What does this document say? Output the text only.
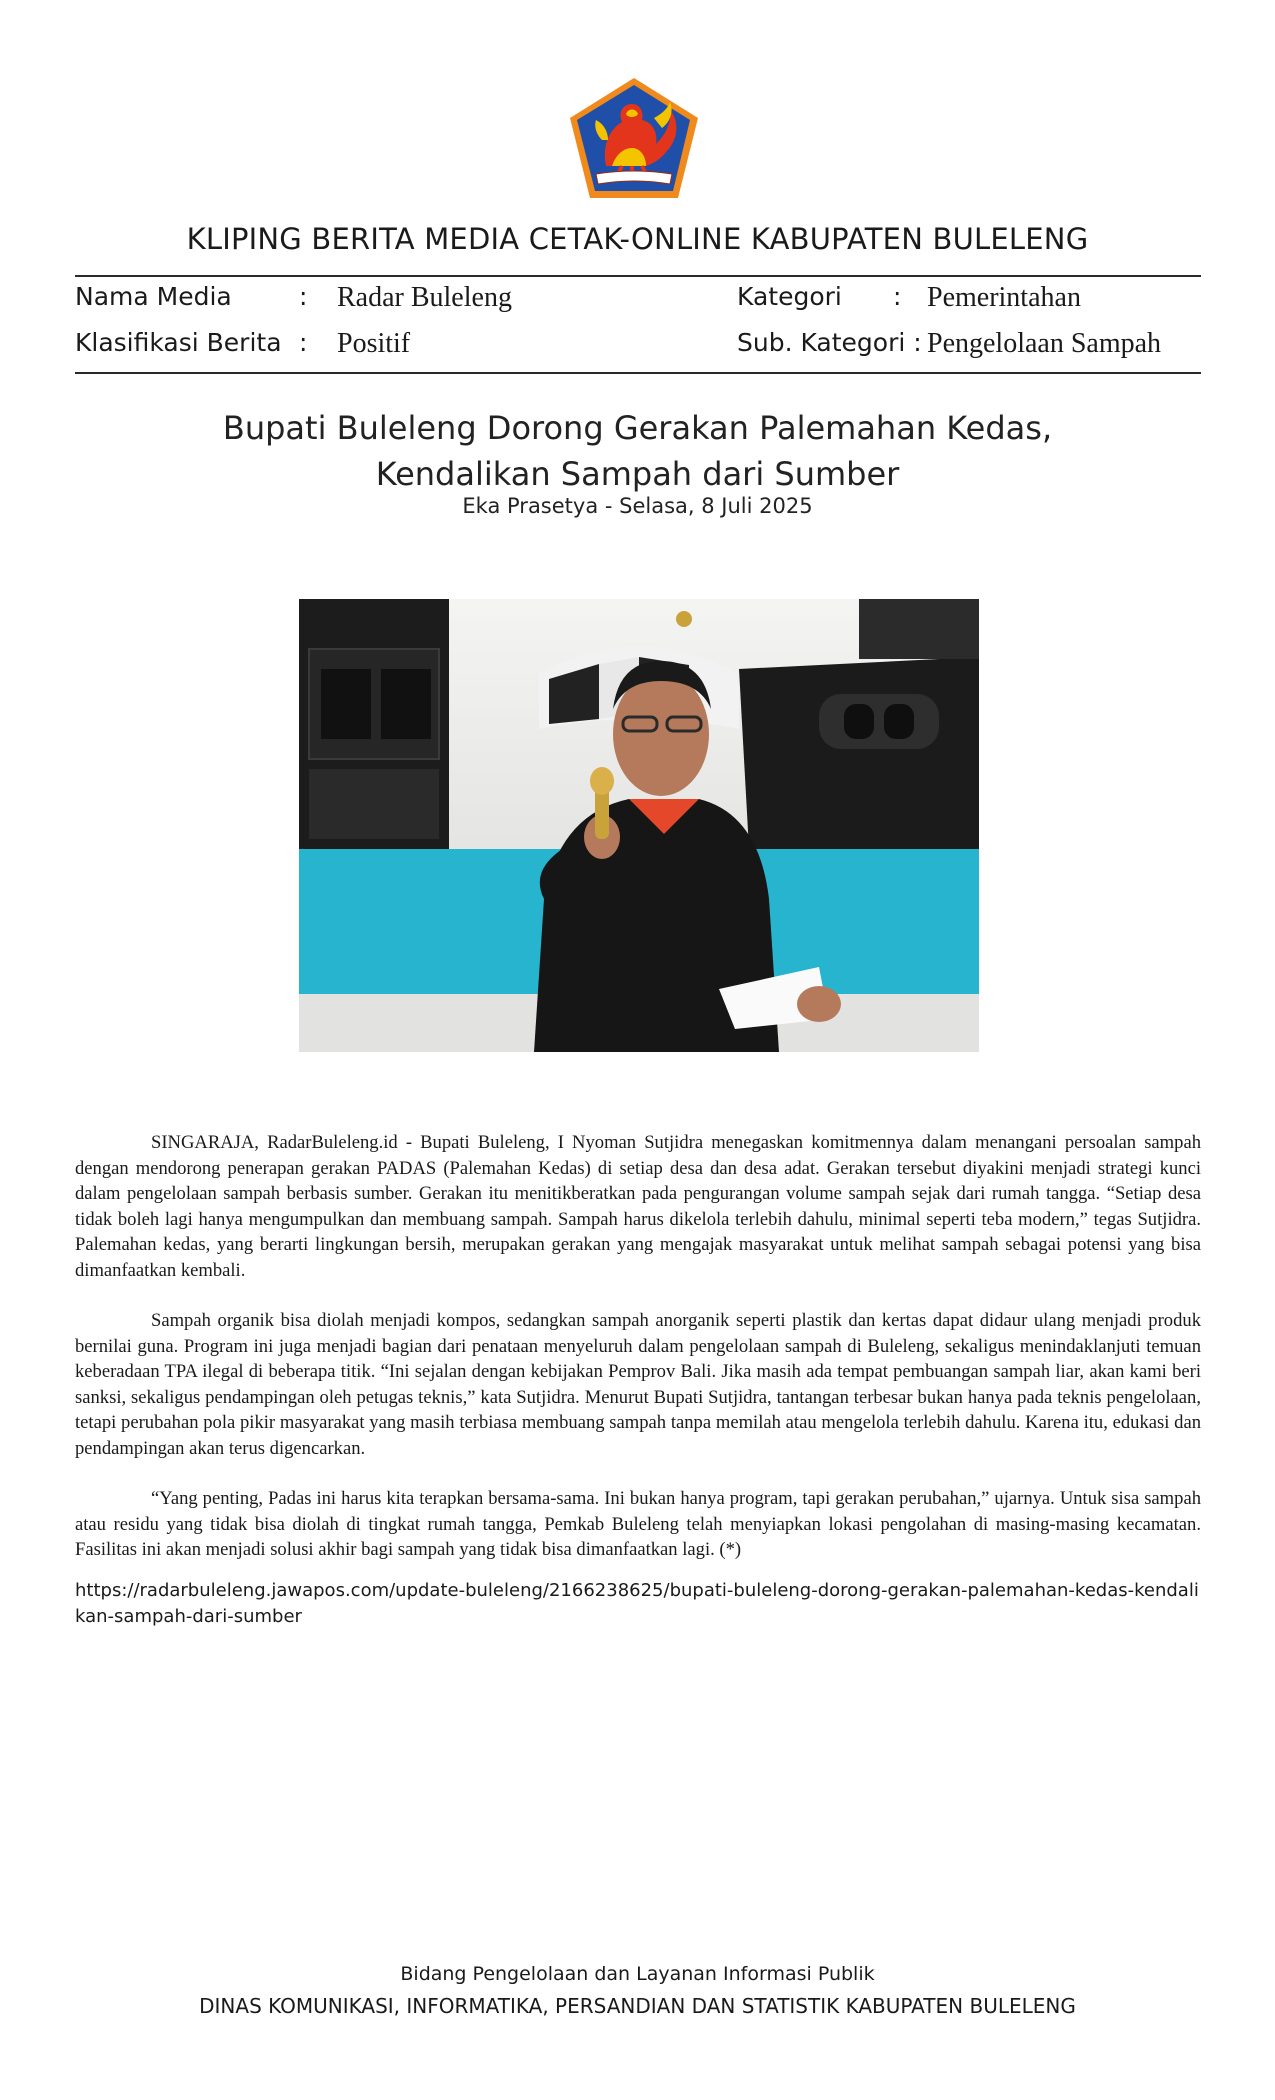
KLIPING BERITA MEDIA CETAK-ONLINE KABUPATEN BULELENG
Nama Media	: Radar Buleleng	Kategori : Pemerintahan
Klasifikasi Berita : Positif	Sub. Kategori : Pengelolaan Sampah
Bupati Buleleng Dorong Gerakan Palemahan Kedas,
Kendalikan Sampah dari Sumber
Eka Prasetya - Selasa, 8 Juli 2025

SINGARAJA, RadarBuleleng.id - Bupati Buleleng, I Nyoman Sutjidra menegaskan komitmennya dalam menangani persoalan sampah dengan mendorong penerapan gerakan PADAS (Palemahan Kedas) di setiap desa dan desa adat. Gerakan tersebut diyakini menjadi strategi kunci dalam pengelolaan sampah berbasis sumber. Gerakan itu menitikberatkan pada pengurangan volume sampah sejak dari rumah tangga. “Setiap desa tidak boleh lagi hanya mengumpulkan dan membuang sampah. Sampah harus dikelola terlebih dahulu, minimal seperti teba modern,” tegas Sutjidra. Palemahan kedas, yang berarti lingkungan bersih, merupakan gerakan yang mengajak masyarakat untuk melihat sampah sebagai potensi yang bisa dimanfaatkan kembali.

Sampah organik bisa diolah menjadi kompos, sedangkan sampah anorganik seperti plastik dan kertas dapat didaur ulang menjadi produk bernilai guna. Program ini juga menjadi bagian dari penataan menyeluruh dalam pengelolaan sampah di Buleleng, sekaligus menindaklanjuti temuan keberadaan TPA ilegal di beberapa titik. “Ini sejalan dengan kebijakan Pemprov Bali. Jika masih ada tempat pembuangan sampah liar, akan kami beri sanksi, sekaligus pendampingan oleh petugas teknis,” kata Sutjidra. Menurut Bupati Sutjidra, tantangan terbesar bukan hanya pada teknis pengelolaan, tetapi perubahan pola pikir masyarakat yang masih terbiasa membuang sampah tanpa memilah atau mengelola terlebih dahulu. Karena itu, edukasi dan pendampingan akan terus digencarkan.

“Yang penting, Padas ini harus kita terapkan bersama-sama. Ini bukan hanya program, tapi gerakan perubahan,” ujarnya. Untuk sisa sampah atau residu yang tidak bisa diolah di tingkat rumah tangga, Pemkab Buleleng telah menyiapkan lokasi pengolahan di masing-masing kecamatan. Fasilitas ini akan menjadi solusi akhir bagi sampah yang tidak bisa dimanfaatkan lagi. (*)

https://radarbuleleng.jawapos.com/update-buleleng/2166238625/bupati-buleleng-dorong-gerakan-palemahan-kedas-kendalikan-sampah-dari-sumber
Bidang Pengelolaan dan Layanan Informasi Publik
DINAS KOMUNIKASI, INFORMATIKA, PERSANDIAN DAN STATISTIK KABUPATEN BULELENG
